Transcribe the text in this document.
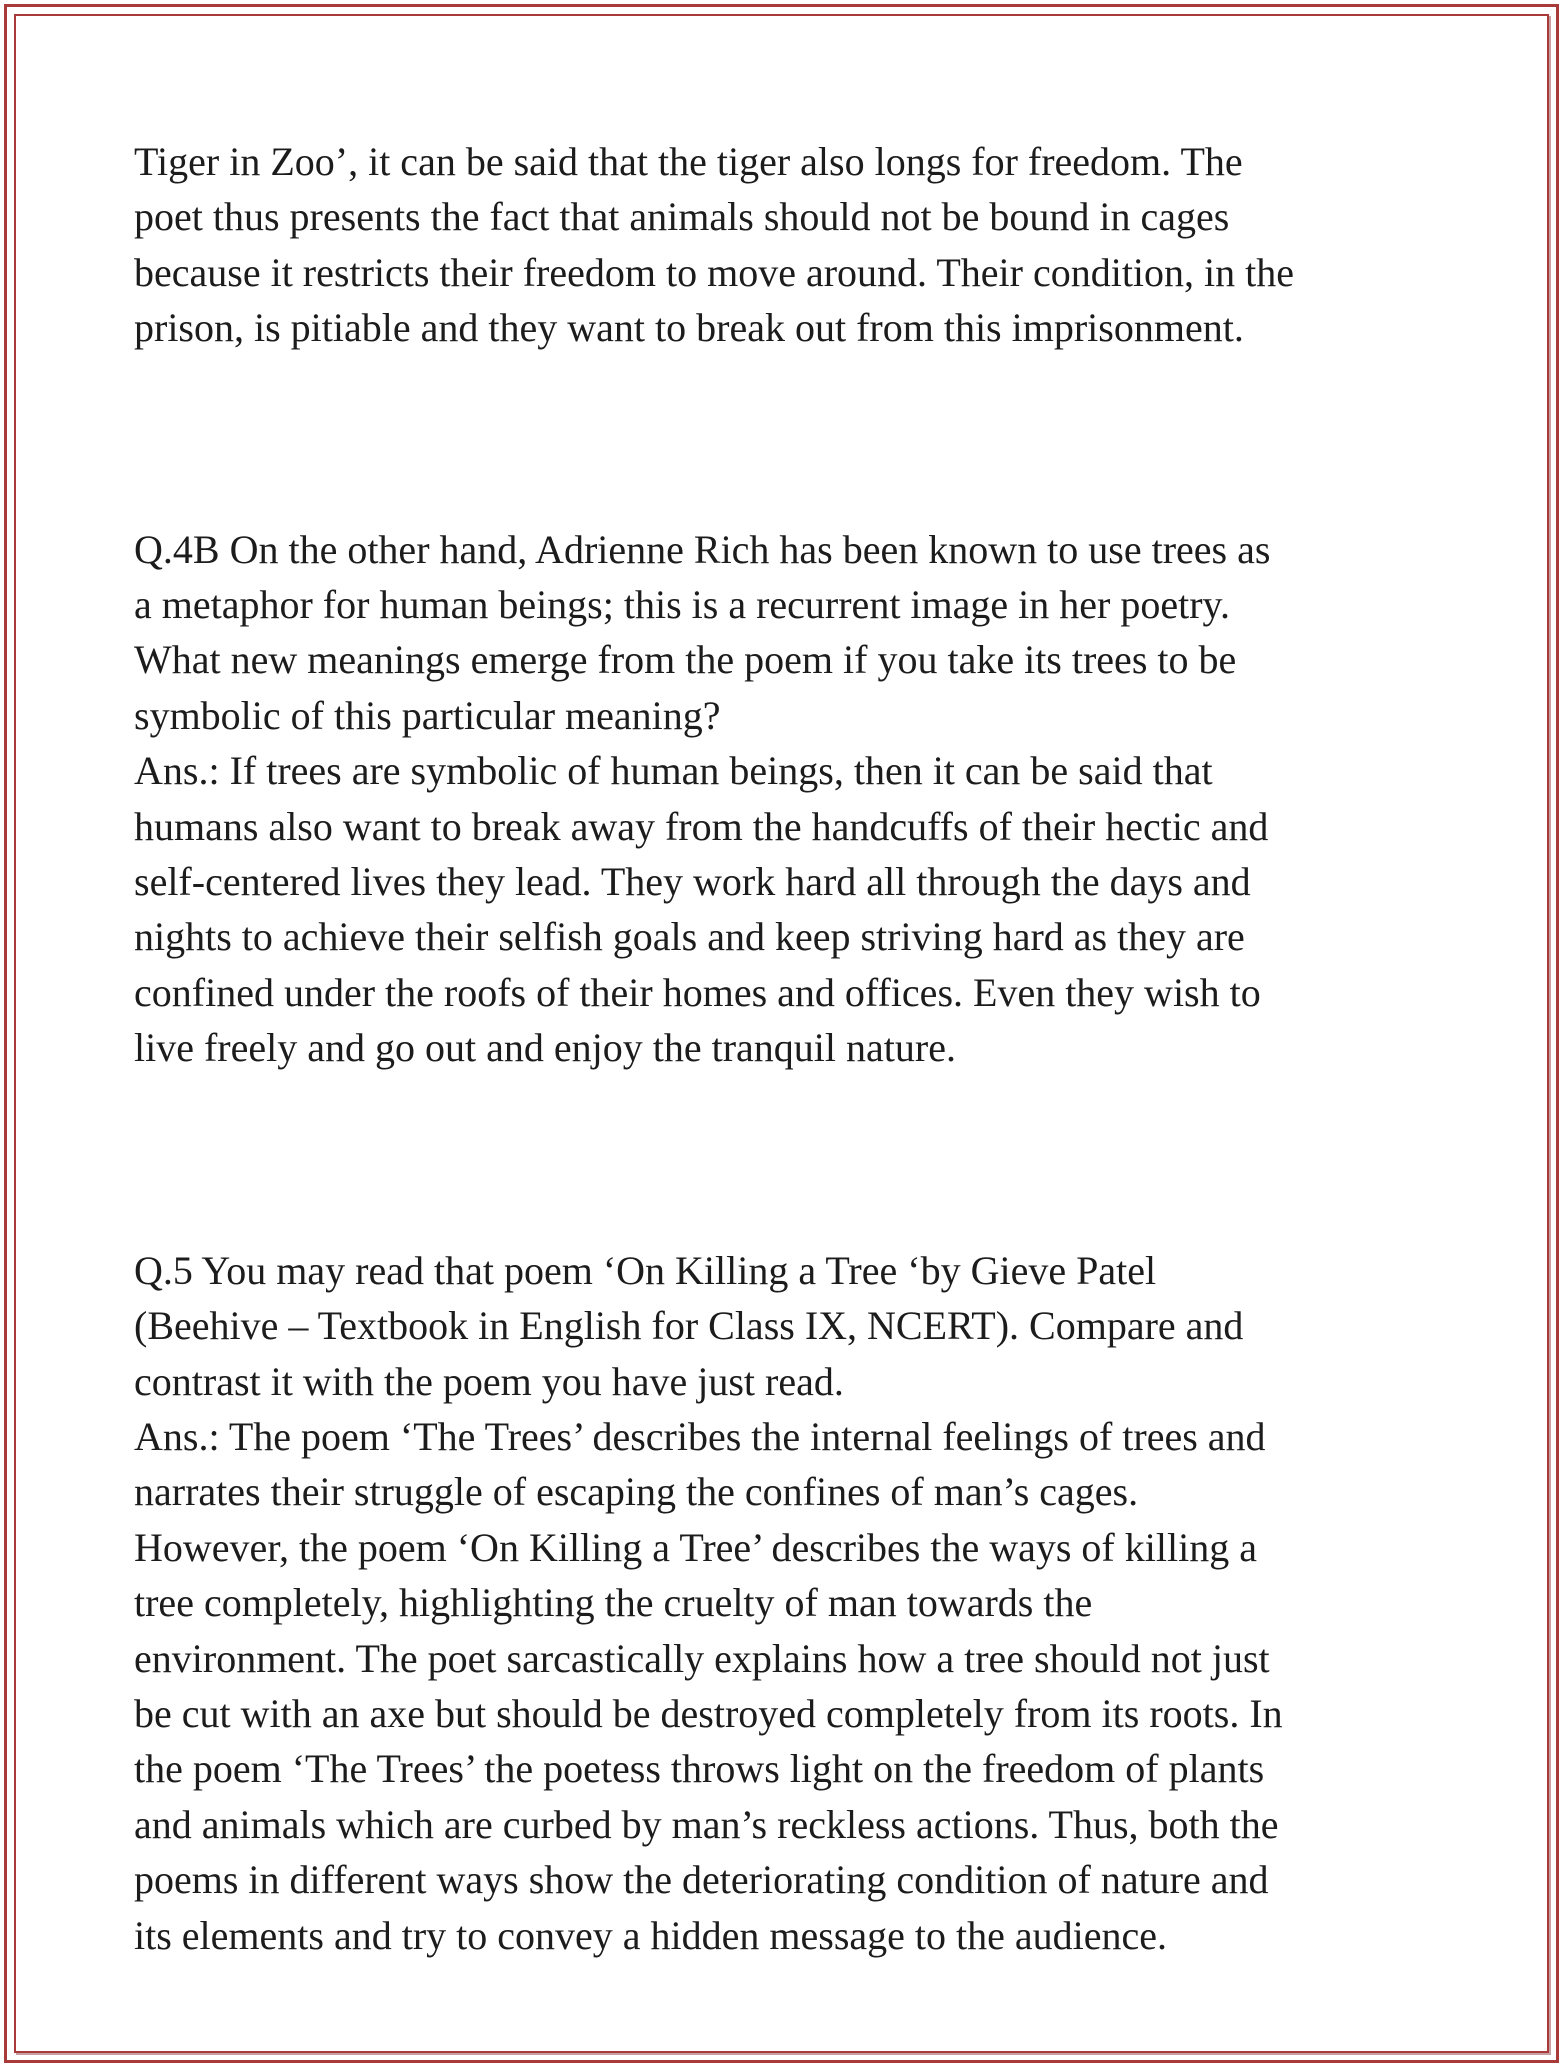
Tiger in Zoo’, it can be said that the tiger also longs for freedom. The
poet thus presents the fact that animals should not be bound in cages
because it restricts their freedom to move around. Their condition, in the
prison, is pitiable and they want to break out from this imprisonment.
Q.4B On the other hand, Adrienne Rich has been known to use trees as
a metaphor for human beings; this is a recurrent image in her poetry.
What new meanings emerge from the poem if you take its trees to be
symbolic of this particular meaning?
Ans.: If trees are symbolic of human beings, then it can be said that
humans also want to break away from the handcuffs of their hectic and
self-centered lives they lead. They work hard all through the days and
nights to achieve their selfish goals and keep striving hard as they are
confined under the roofs of their homes and offices. Even they wish to
live freely and go out and enjoy the tranquil nature.
Q.5 You may read that poem ‘On Killing a Tree ‘by Gieve Patel
(Beehive – Textbook in English for Class IX, NCERT). Compare and
contrast it with the poem you have just read.
Ans.: The poem ‘The Trees’ describes the internal feelings of trees and
narrates their struggle of escaping the confines of man’s cages.
However, the poem ‘On Killing a Tree’ describes the ways of killing a
tree completely, highlighting the cruelty of man towards the
environment. The poet sarcastically explains how a tree should not just
be cut with an axe but should be destroyed completely from its roots. In
the poem ‘The Trees’ the poetess throws light on the freedom of plants
and animals which are curbed by man’s reckless actions. Thus, both the
poems in different ways show the deteriorating condition of nature and
its elements and try to convey a hidden message to the audience.
